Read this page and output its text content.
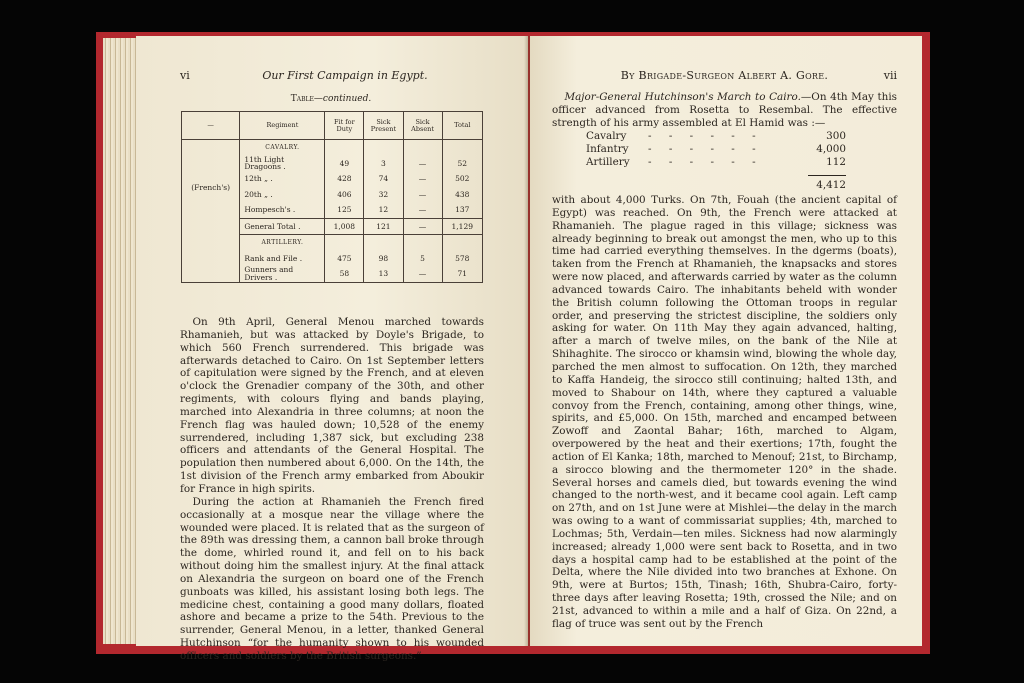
vi	Our First Campaign in Egypt.
Table—continued.
—	Regiment	Fit for Duty	Sick Present	Sick Absent	Total
(French's)	CAVALRY.				
	11th Light Dragoons .	49	3	—	52
	12th „ .	428	74	—	502
	20th „ .	406	32	—	438
	Hompesch's .	125	12	—	137
	General Total .	1,008	121	—	1,129
	ARTILLERY.				
	Rank and File .	475	98	5	578
	Gunners and Drivers .	58	13	—	71

On 9th April, General Menou marched towards Rhamanieh, but was attacked by Doyle's Brigade, to which 560 French surrendered. This brigade was afterwards detached to Cairo. On 1st September letters of capitulation were signed by the French, and at eleven o'clock the Grenadier company of the 30th, and other regiments, with colours flying and bands playing, marched into Alexandria in three columns; at noon the French flag was hauled down; 10,528 of the enemy surrendered, including 1,387 sick, but excluding 238 officers and attendants of the General Hospital. The population then numbered about 6,000. On the 14th, the 1st division of the French army embarked from Aboukir for France in high spirits.

During the action at Rhamanieh the French fired occasionally at a mosque near the village where the wounded were placed. It is related that as the surgeon of the 89th was dressing them, a cannon ball broke through the dome, whirled round it, and fell on to his back without doing him the smallest injury. At the final attack on Alexandria the surgeon on board one of the French gunboats was killed, his assistant losing both legs. The medicine chest, containing a good many dollars, floated ashore and became a prize to the 54th. Previous to the surrender, General Menou, in a letter, thanked General Hutchinson “for the humanity shown to his wounded officers and soldiers by the British surgeons.”

By Brigade-Surgeon Albert A. Gore.	vii

Major-General Hutchinson's March to Cairo.—On 4th May this officer advanced from Rosetta to Resembal. The effective strength of his army assembled at El Hamid was :—

Cavalry - - - - - -	300
Infantry - - - - - -	4,000
Artillery - - - - - -	112
4,412

with about 4,000 Turks. On 7th, Fouah (the ancient capital of Egypt) was reached. On 9th, the French were attacked at Rhamanieh. The plague raged in this village; sickness was already beginning to break out amongst the men, who up to this time had carried everything themselves. In the dgerms (boats), taken from the French at Rhamanieh, the knapsacks and stores were now placed, and afterwards carried by water as the column advanced towards Cairo. The inhabitants beheld with wonder the British column following the Ottoman troops in regular order, and preserving the strictest discipline, the soldiers only asking for water. On 11th May they again advanced, halting, after a march of twelve miles, on the bank of the Nile at Shihaghite. The sirocco or khamsin wind, blowing the whole day, parched the men almost to suffocation. On 12th, they marched to Kaffa Handeig, the sirocco still continuing; halted 13th, and moved to Shabour on 14th, where they captured a valuable convoy from the French, containing, among other things, wine, spirits, and £5,000. On 15th, marched and encamped between Zowoff and Zaontal Bahar; 16th, marched to Algam, overpowered by the heat and their exertions; 17th, fought the action of El Kanka; 18th, marched to Menouf; 21st, to Birchamp, a sirocco blowing and the thermometer 120° in the shade. Several horses and camels died, but towards evening the wind changed to the north-west, and it became cool again. Left camp on 27th, and on 1st June were at Mishlei—the delay in the march was owing to a want of commissariat supplies; 4th, marched to Lochmas; 5th, Verdain—ten miles. Sickness had now alarmingly increased; already 1,000 were sent back to Rosetta, and in two days a hospital camp had to be established at the point of the Delta, where the Nile divided into two branches at Exhone. On 9th, were at Burtos; 15th, Tinash; 16th, Shubra-Cairo, forty-three days after leaving Rosetta; 19th, crossed the Nile; and on 21st, advanced to within a mile and a half of Giza. On 22nd, a flag of truce was sent out by the French
